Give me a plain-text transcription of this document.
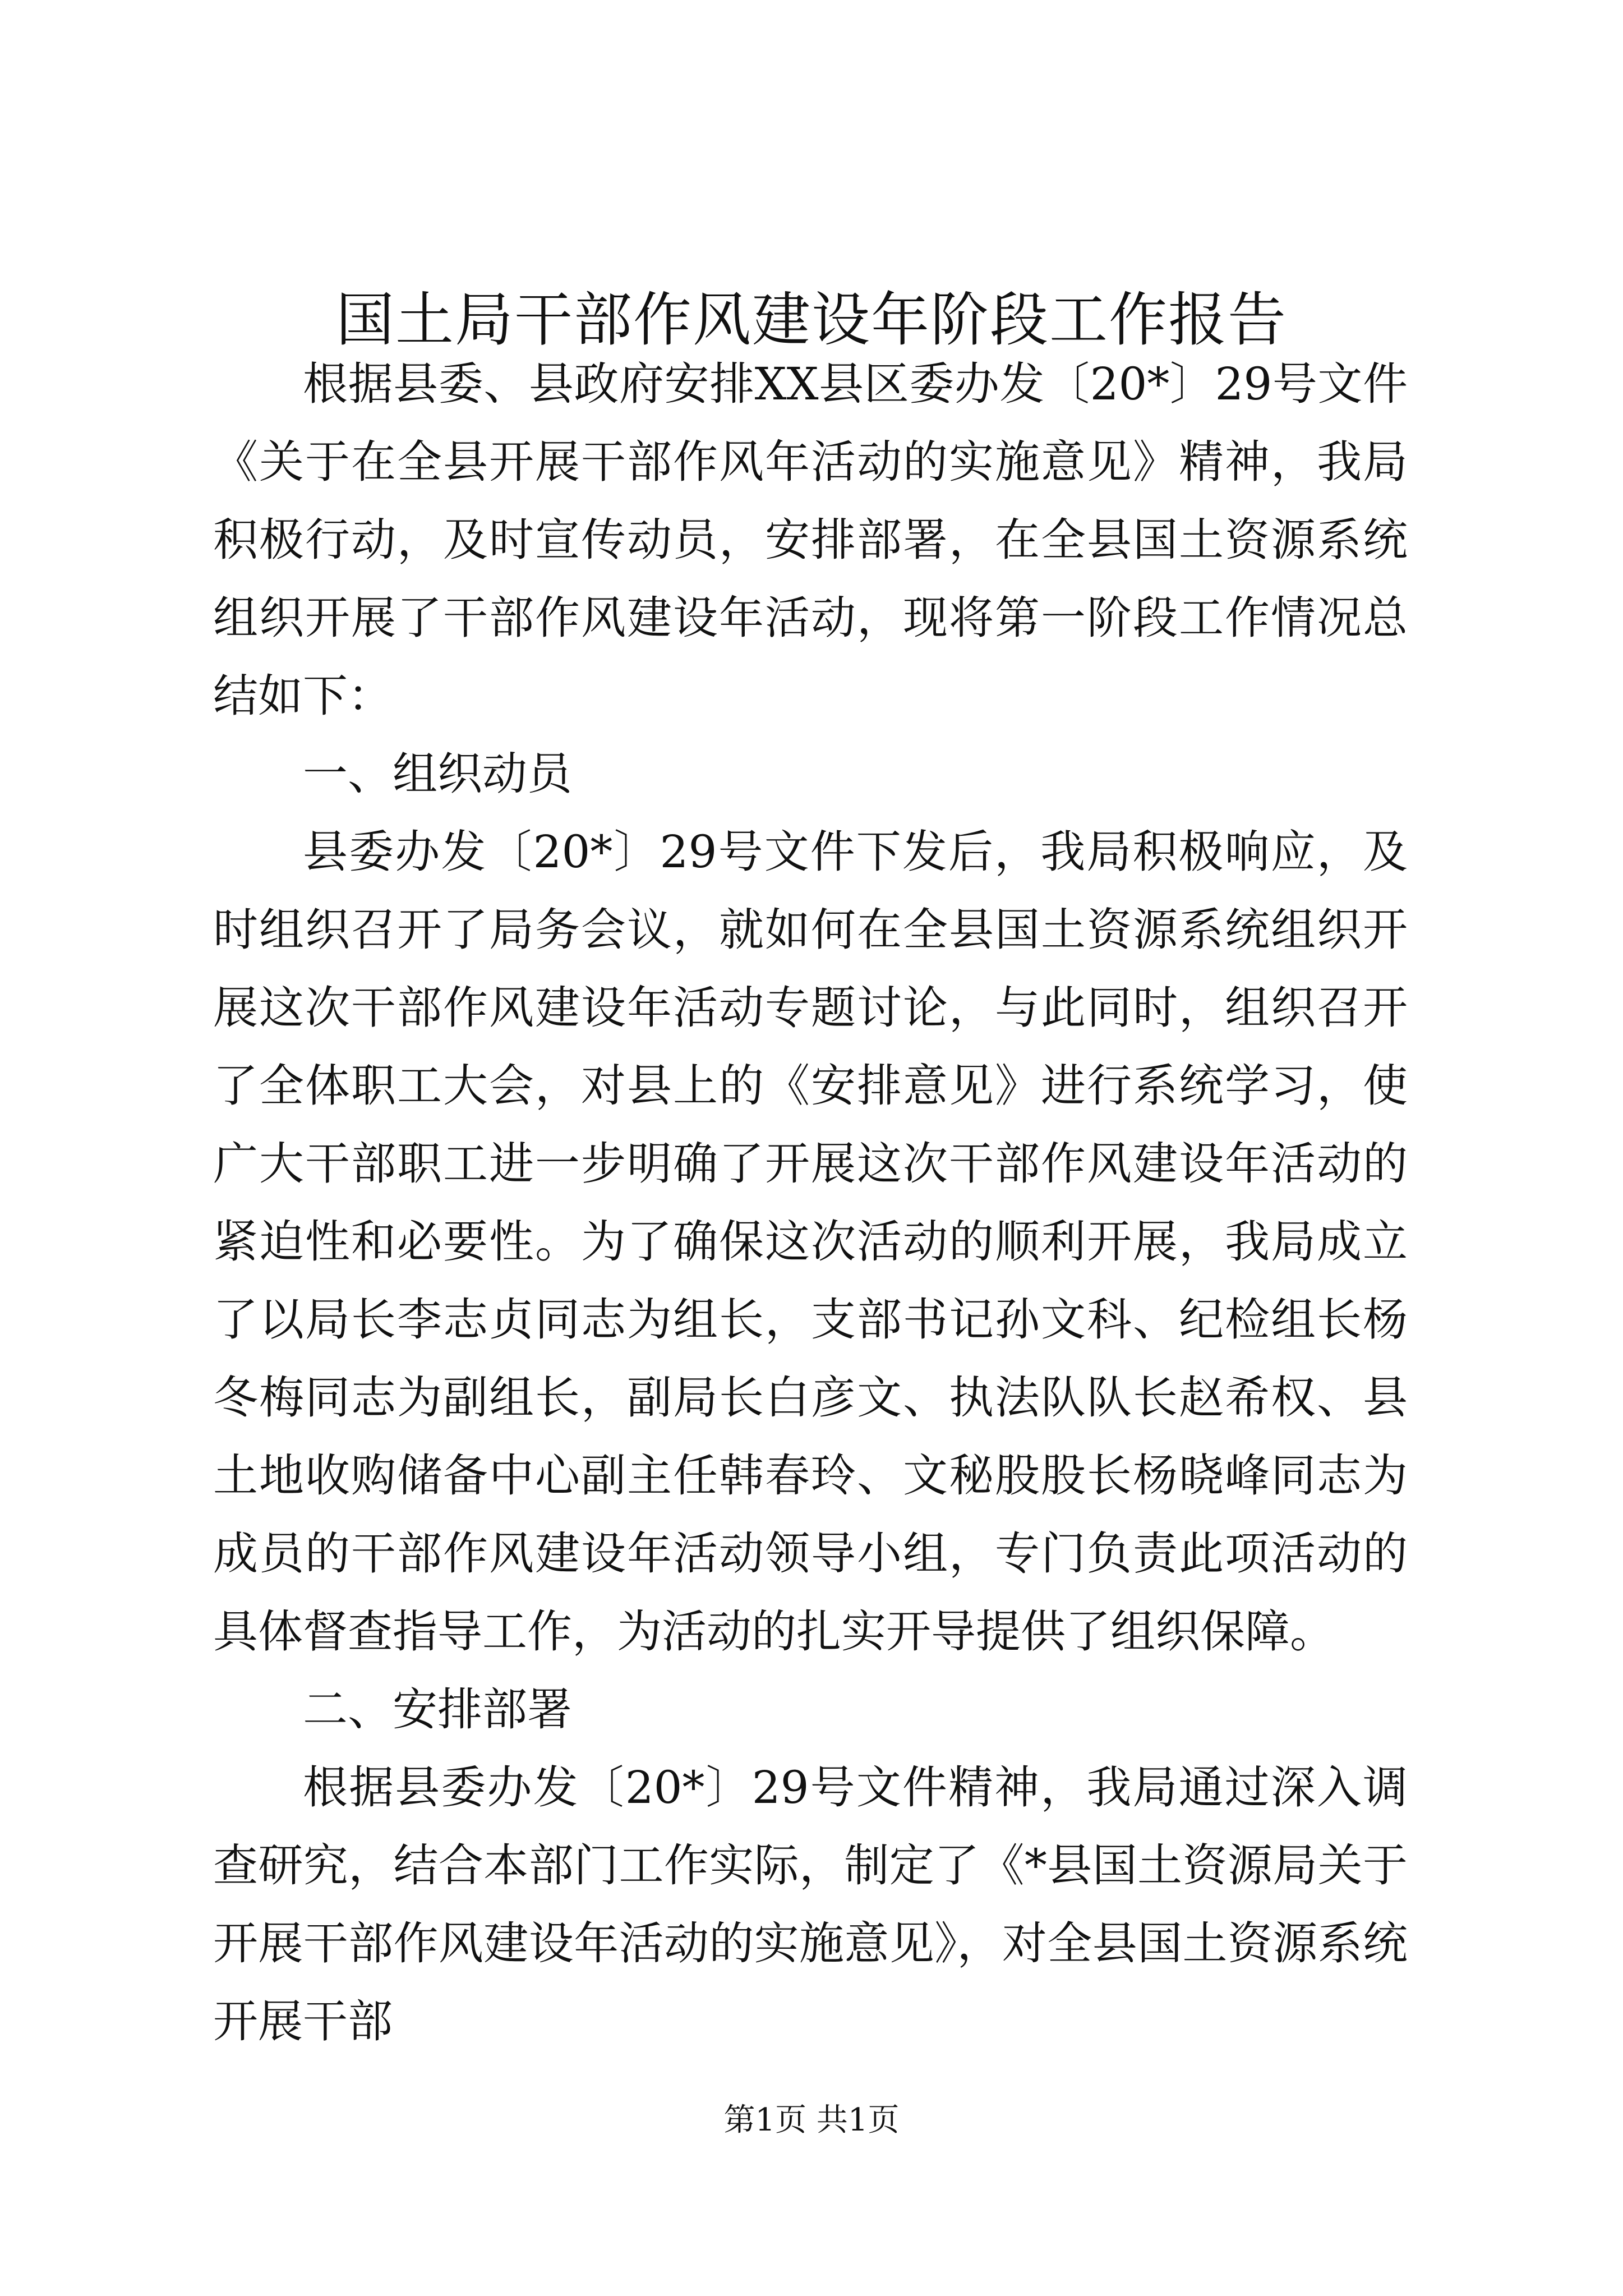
国土局干部作风建设年阶段工作报告

根据县委、县政府安排XX县区委办发〔20*〕29号文件《关于在全县开展干部作风年活动的实施意见》精神，我局积极行动，及时宣传动员，安排部署，在全县国土资源系统组织开展了干部作风建设年活动，现将第一阶段工作情况总结如下：

一、组织动员

县委办发〔20*〕29号文件下发后，我局积极响应，及时组织召开了局务会议，就如何在全县国土资源系统组织开展这次干部作风建设年活动专题讨论，与此同时，组织召开了全体职工大会，对县上的《安排意见》进行系统学习，使广大干部职工进一步明确了开展这次干部作风建设年活动的紧迫性和必要性。为了确保这次活动的顺利开展，我局成立了以局长李志贞同志为组长，支部书记孙文科、纪检组长杨冬梅同志为副组长，副局长白彦文、执法队队长赵希权、县土地收购储备中心副主任韩春玲、文秘股股长杨晓峰同志为成员的干部作风建设年活动领导小组，专门负责此项活动的具体督查指导工作，为活动的扎实开导提供了组织保障。

二、安排部署

根据县委办发〔20*〕29号文件精神，我局通过深入调查研究，结合本部门工作实际，制定了《*县国土资源局关于开展干部作风建设年活动的实施意见》，对全县国土资源系统开展干部

第1页 共1页
